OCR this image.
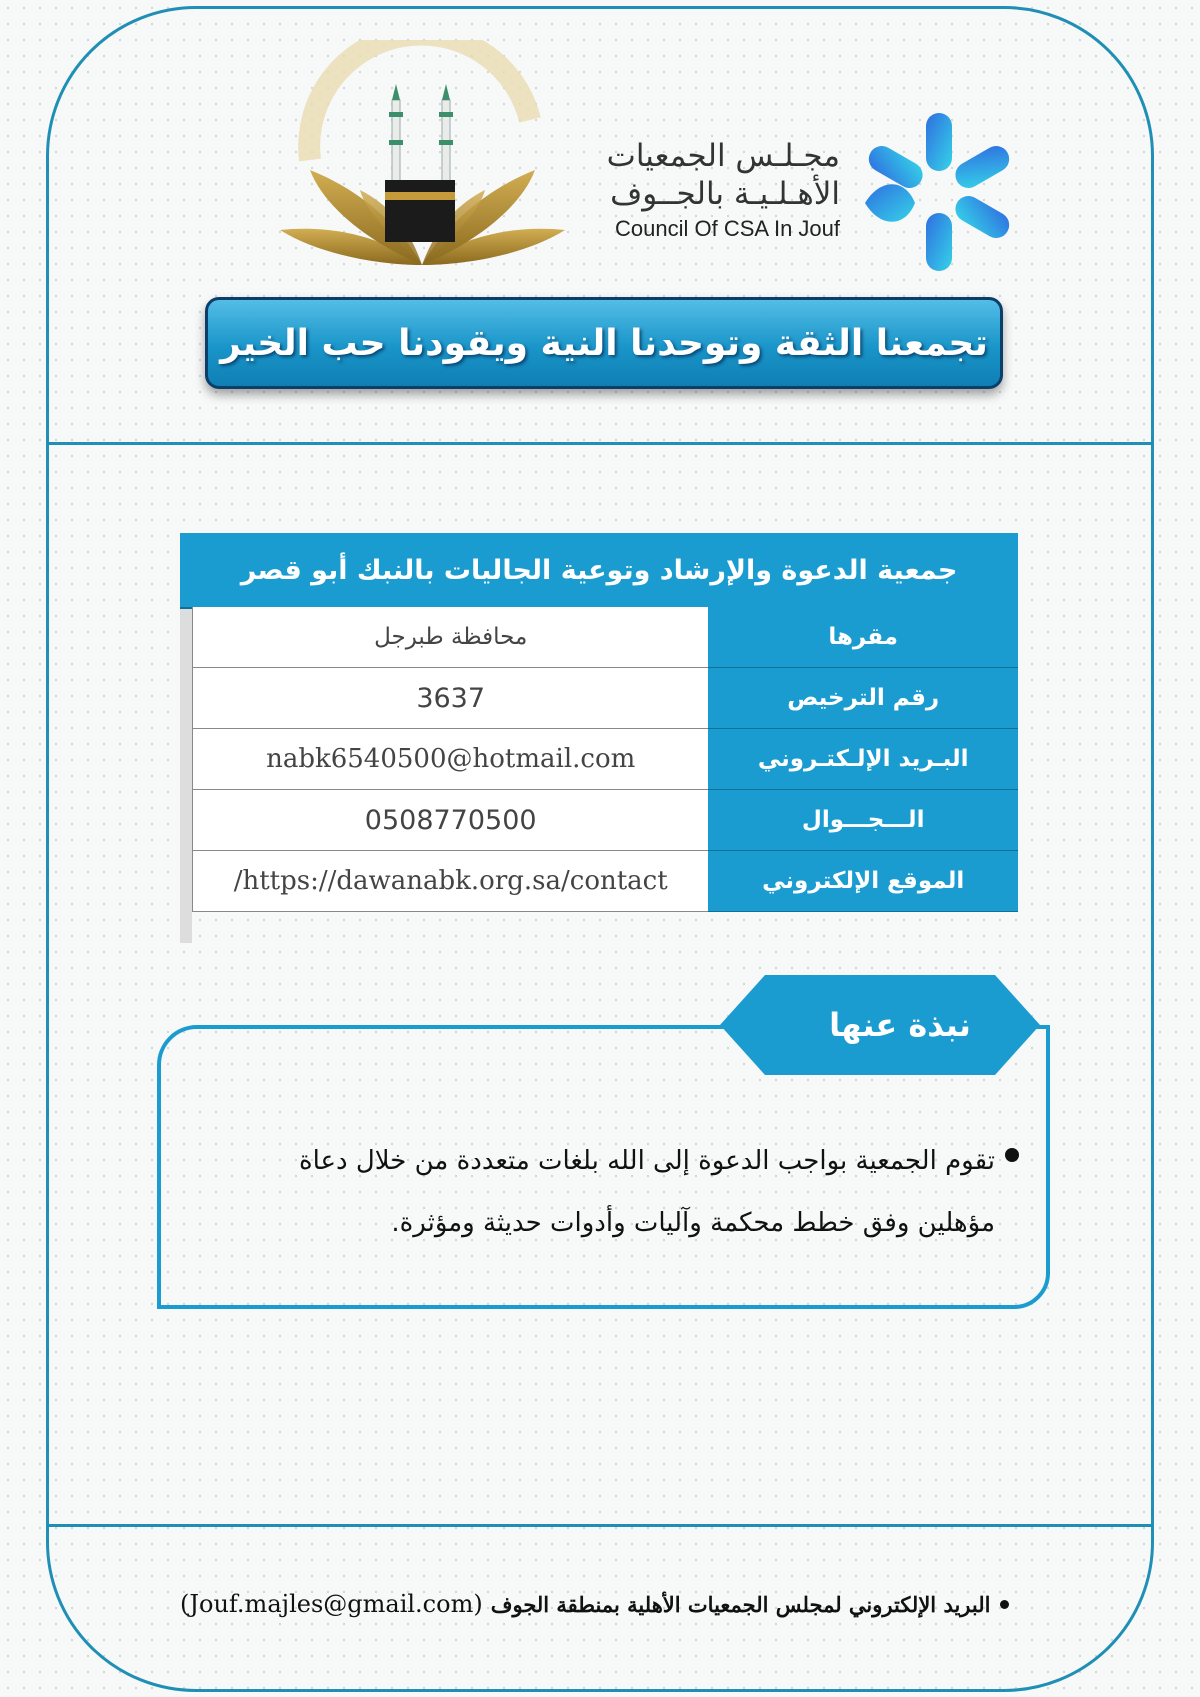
مجـلـس الجمعيات
الأهـلـيـة بالجــوف
Council Of CSA In Jouf
تجمعنا الثقة وتوحدنا النية ويقودنا حب الخير
جمعية الدعوة والإرشاد وتوعية الجاليات بالنبك أبو قصر
مقرها
محافظة طبرجل
رقم الترخيص
3637
البـريد الإلـكتـروني
nabk6540500@hotmail.com
الـــجـــوال
0508770500
الموقع الإلكتروني
/https://dawanabk.org.sa/contact
نبذة عنها
تقوم الجمعية بواجب الدعوة إلى الله بلغات متعددة من خلال دعاة
مؤهلين وفق خطط محكمة وآليات وأدوات حديثة ومؤثرة.
البريد الإلكتروني لمجلس الجمعيات الأهلية بمنطقة الجوف
(Jouf.majles@gmail.com)
